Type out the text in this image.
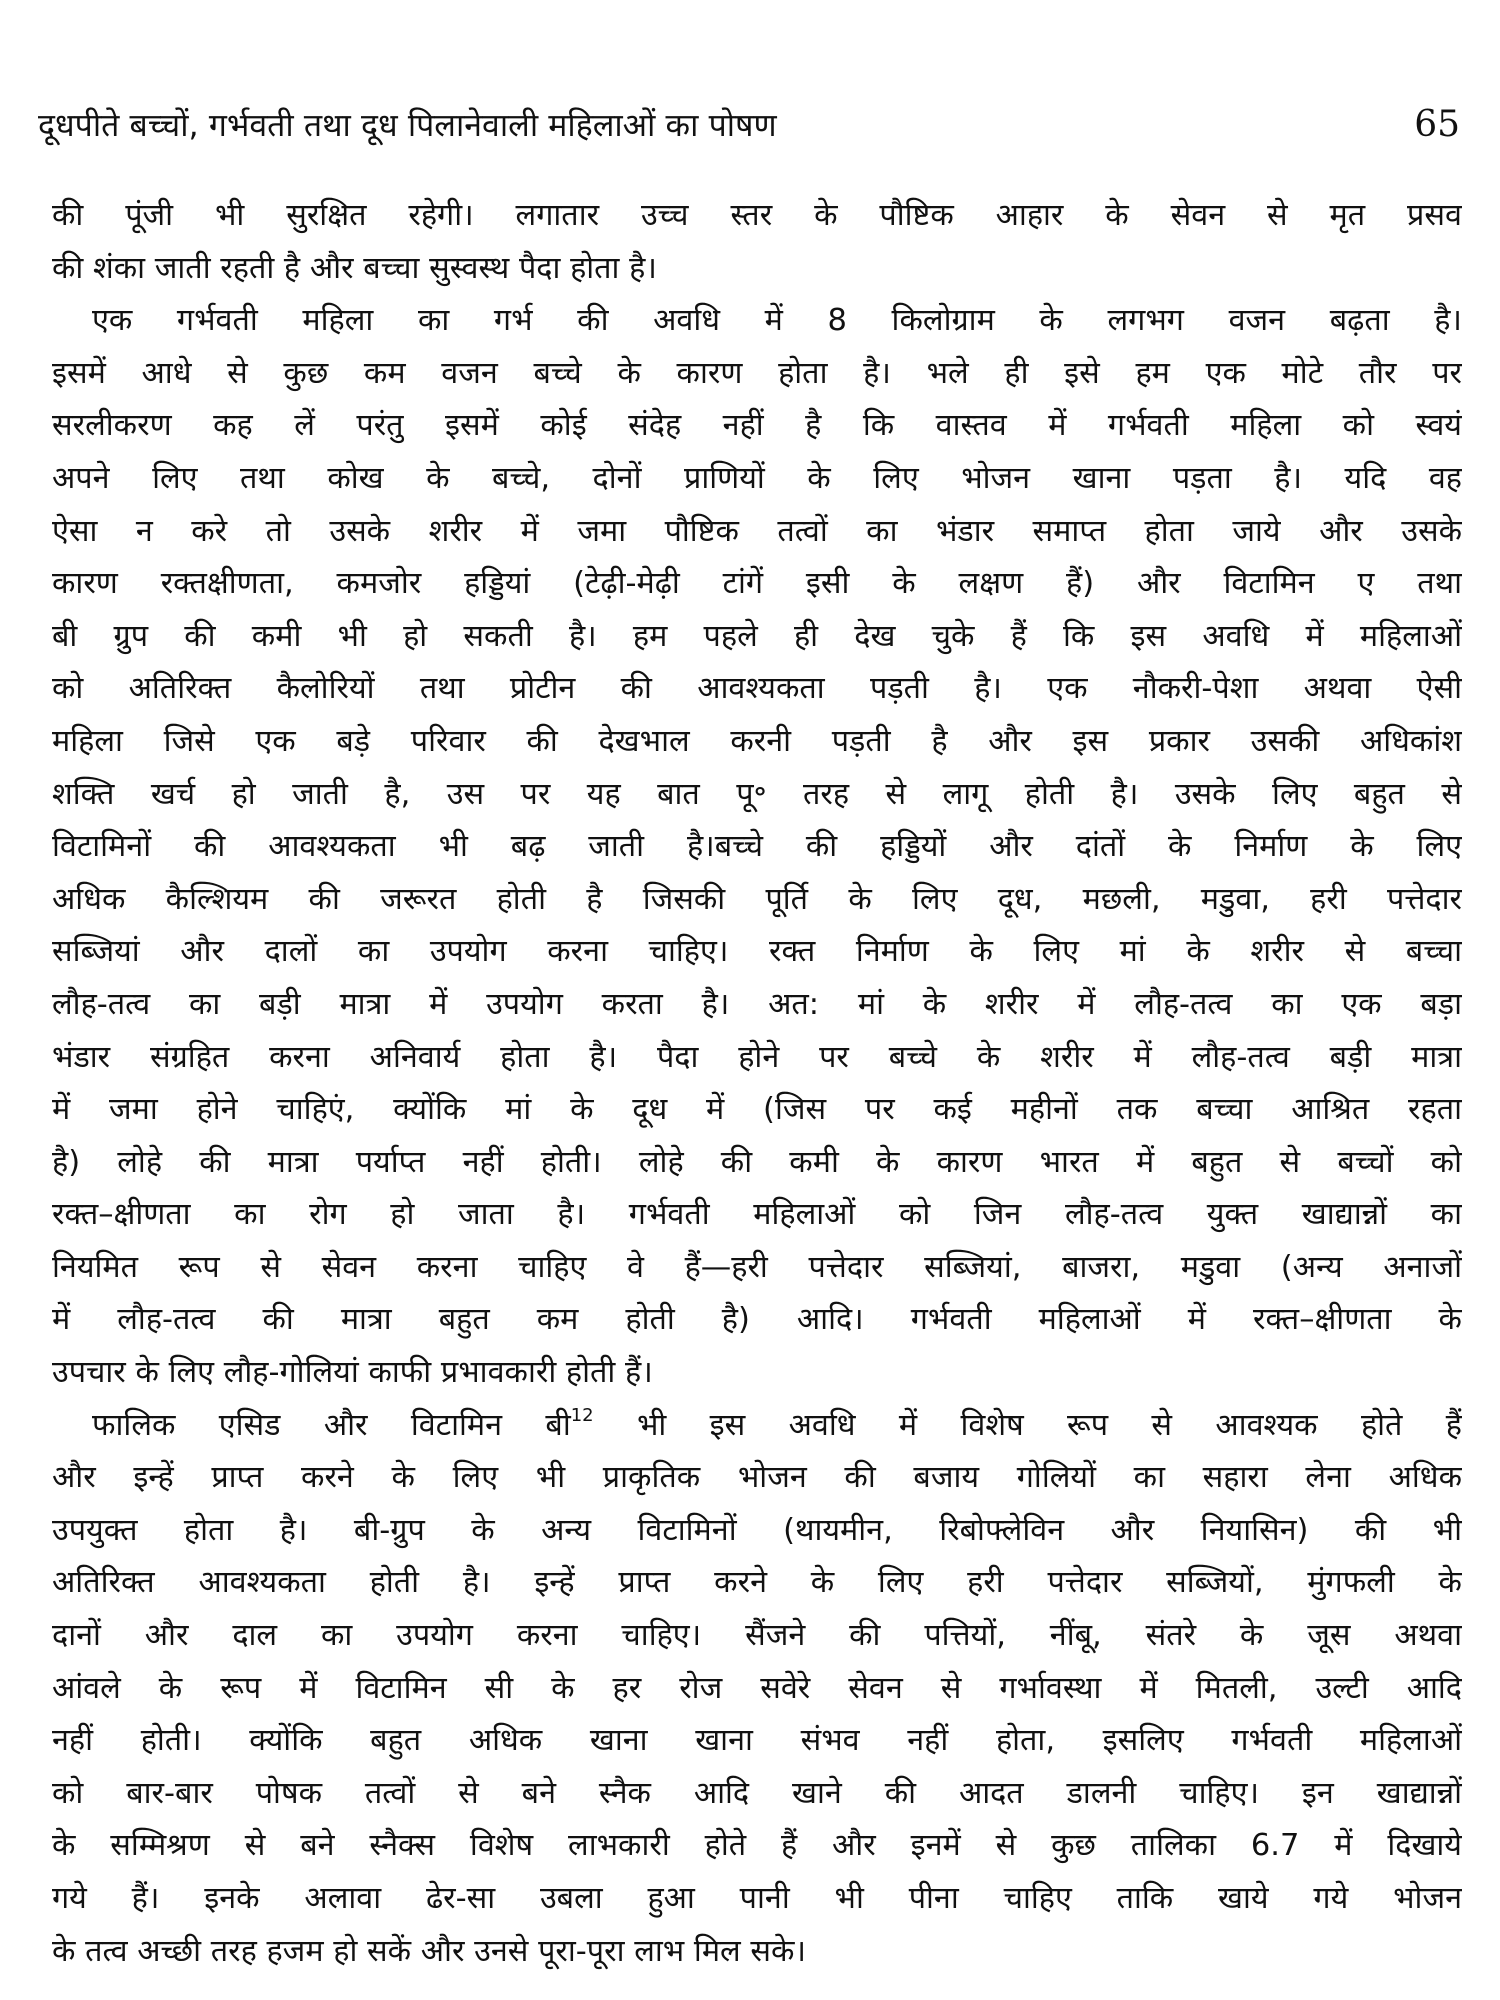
दूधपीते बच्चों, गर्भवती तथा दूध पिलानेवाली महिलाओं का पोषण	65
की पूंजी भी सुरक्षित रहेगी। लगातार उच्च स्तर के पौष्टिक आहार के सेवन से मृत प्रसव
की शंका जाती रहती है और बच्चा सुस्वस्थ पैदा होता है।
एक गर्भवती महिला का गर्भ की अवधि में 8 किलोग्राम के लगभग वजन बढ़ता है।
इसमें आधे से कुछ कम वजन बच्चे के कारण होता है। भले ही इसे हम एक मोटे तौर पर
सरलीकरण कह लें परंतु इसमें कोई संदेह नहीं है कि वास्तव में गर्भवती महिला को स्वयं
अपने लिए तथा कोख के बच्चे, दोनों प्राणियों के लिए भोजन खाना पड़ता है। यदि वह
ऐसा न करे तो उसके शरीर में जमा पौष्टिक तत्वों का भंडार समाप्त होता जाये और उसके
कारण रक्तक्षीणता, कमजोर हड्डियां (टेढ़ी-मेढ़ी टांगें इसी के लक्षण हैं) और विटामिन ए तथा
बी ग्रुप की कमी भी हो सकती है। हम पहले ही देख चुके हैं कि इस अवधि में महिलाओं
को अतिरिक्त कैलोरियों तथा प्रोटीन की आवश्यकता पड़ती है। एक नौकरी-पेशा अथवा ऐसी
महिला जिसे एक बड़े परिवार की देखभाल करनी पड़ती है और इस प्रकार उसकी अधिकांश
शक्ति खर्च हो जाती है, उस पर यह बात पू॰ तरह से लागू होती है। उसके लिए बहुत से
विटामिनों की आवश्यकता भी बढ़ जाती है।बच्चे की हड्डियों और दांतों के निर्माण के लिए
अधिक कैल्शियम की जरूरत होती है जिसकी पूर्ति के लिए दूध, मछली, मडुवा, हरी पत्तेदार
सब्जियां और दालों का उपयोग करना चाहिए। रक्त निर्माण के लिए मां के शरीर से बच्चा
लौह-तत्व का बड़ी मात्रा में उपयोग करता है। अत: मां के शरीर में लौह-तत्व का एक बड़ा
भंडार संग्रहित करना अनिवार्य होता है। पैदा होने पर बच्चे के शरीर में लौह-तत्व बड़ी मात्रा
में जमा होने चाहिएं, क्योंकि मां के दूध में (जिस पर कई महीनों तक बच्चा आश्रित रहता
है) लोहे की मात्रा पर्याप्त नहीं होती। लोहे की कमी के कारण भारत में बहुत से बच्चों को
रक्त–क्षीणता का रोग हो जाता है। गर्भवती महिलाओं को जिन लौह-तत्व युक्त खाद्यान्नों का
नियमित रूप से सेवन करना चाहिए वे हैं—हरी पत्तेदार सब्जियां, बाजरा, मडुवा (अन्य अनाजों
में लौह-तत्व की मात्रा बहुत कम होती है) आदि। गर्भवती महिलाओं में रक्त–क्षीणता के
उपचार के लिए लौह-गोलियां काफी प्रभावकारी होती हैं।
फालिक एसिड और विटामिन बी$^{12}$ भी इस अवधि में विशेष रूप से आवश्यक होते हैं
और इन्हें प्राप्त करने के लिए भी प्राकृतिक भोजन की बजाय गोलियों का सहारा लेना अधिक
उपयुक्त होता है। बी-ग्रुप के अन्य विटामिनों (थायमीन, रिबोफ्लेविन और नियासिन) की भी
अतिरिक्त आवश्यकता होती है। इन्हें प्राप्त करने के लिए हरी पत्तेदार सब्जियों, मुंगफली के
दानों और दाल का उपयोग करना चाहिए। सैंजने की पत्तियों, नींबू, संतरे के जूस अथवा
आंवले के रूप में विटामिन सी के हर रोज सवेरे सेवन से गर्भावस्था में मितली, उल्टी आदि
नहीं होती। क्योंकि बहुत अधिक खाना खाना संभव नहीं होता, इसलिए गर्भवती महिलाओं
को बार-बार पोषक तत्वों से बने स्नैक आदि खाने की आदत डालनी चाहिए। इन खाद्यान्नों
के सम्मिश्रण से बने स्नैक्स विशेष लाभकारी होते हैं और इनमें से कुछ तालिका 6.7 में दिखाये
गये हैं। इनके अलावा ढेर-सा उबला हुआ पानी भी पीना चाहिए ताकि खाये गये भोजन
के तत्व अच्छी तरह हजम हो सकें और उनसे पूरा-पूरा लाभ मिल सके।
